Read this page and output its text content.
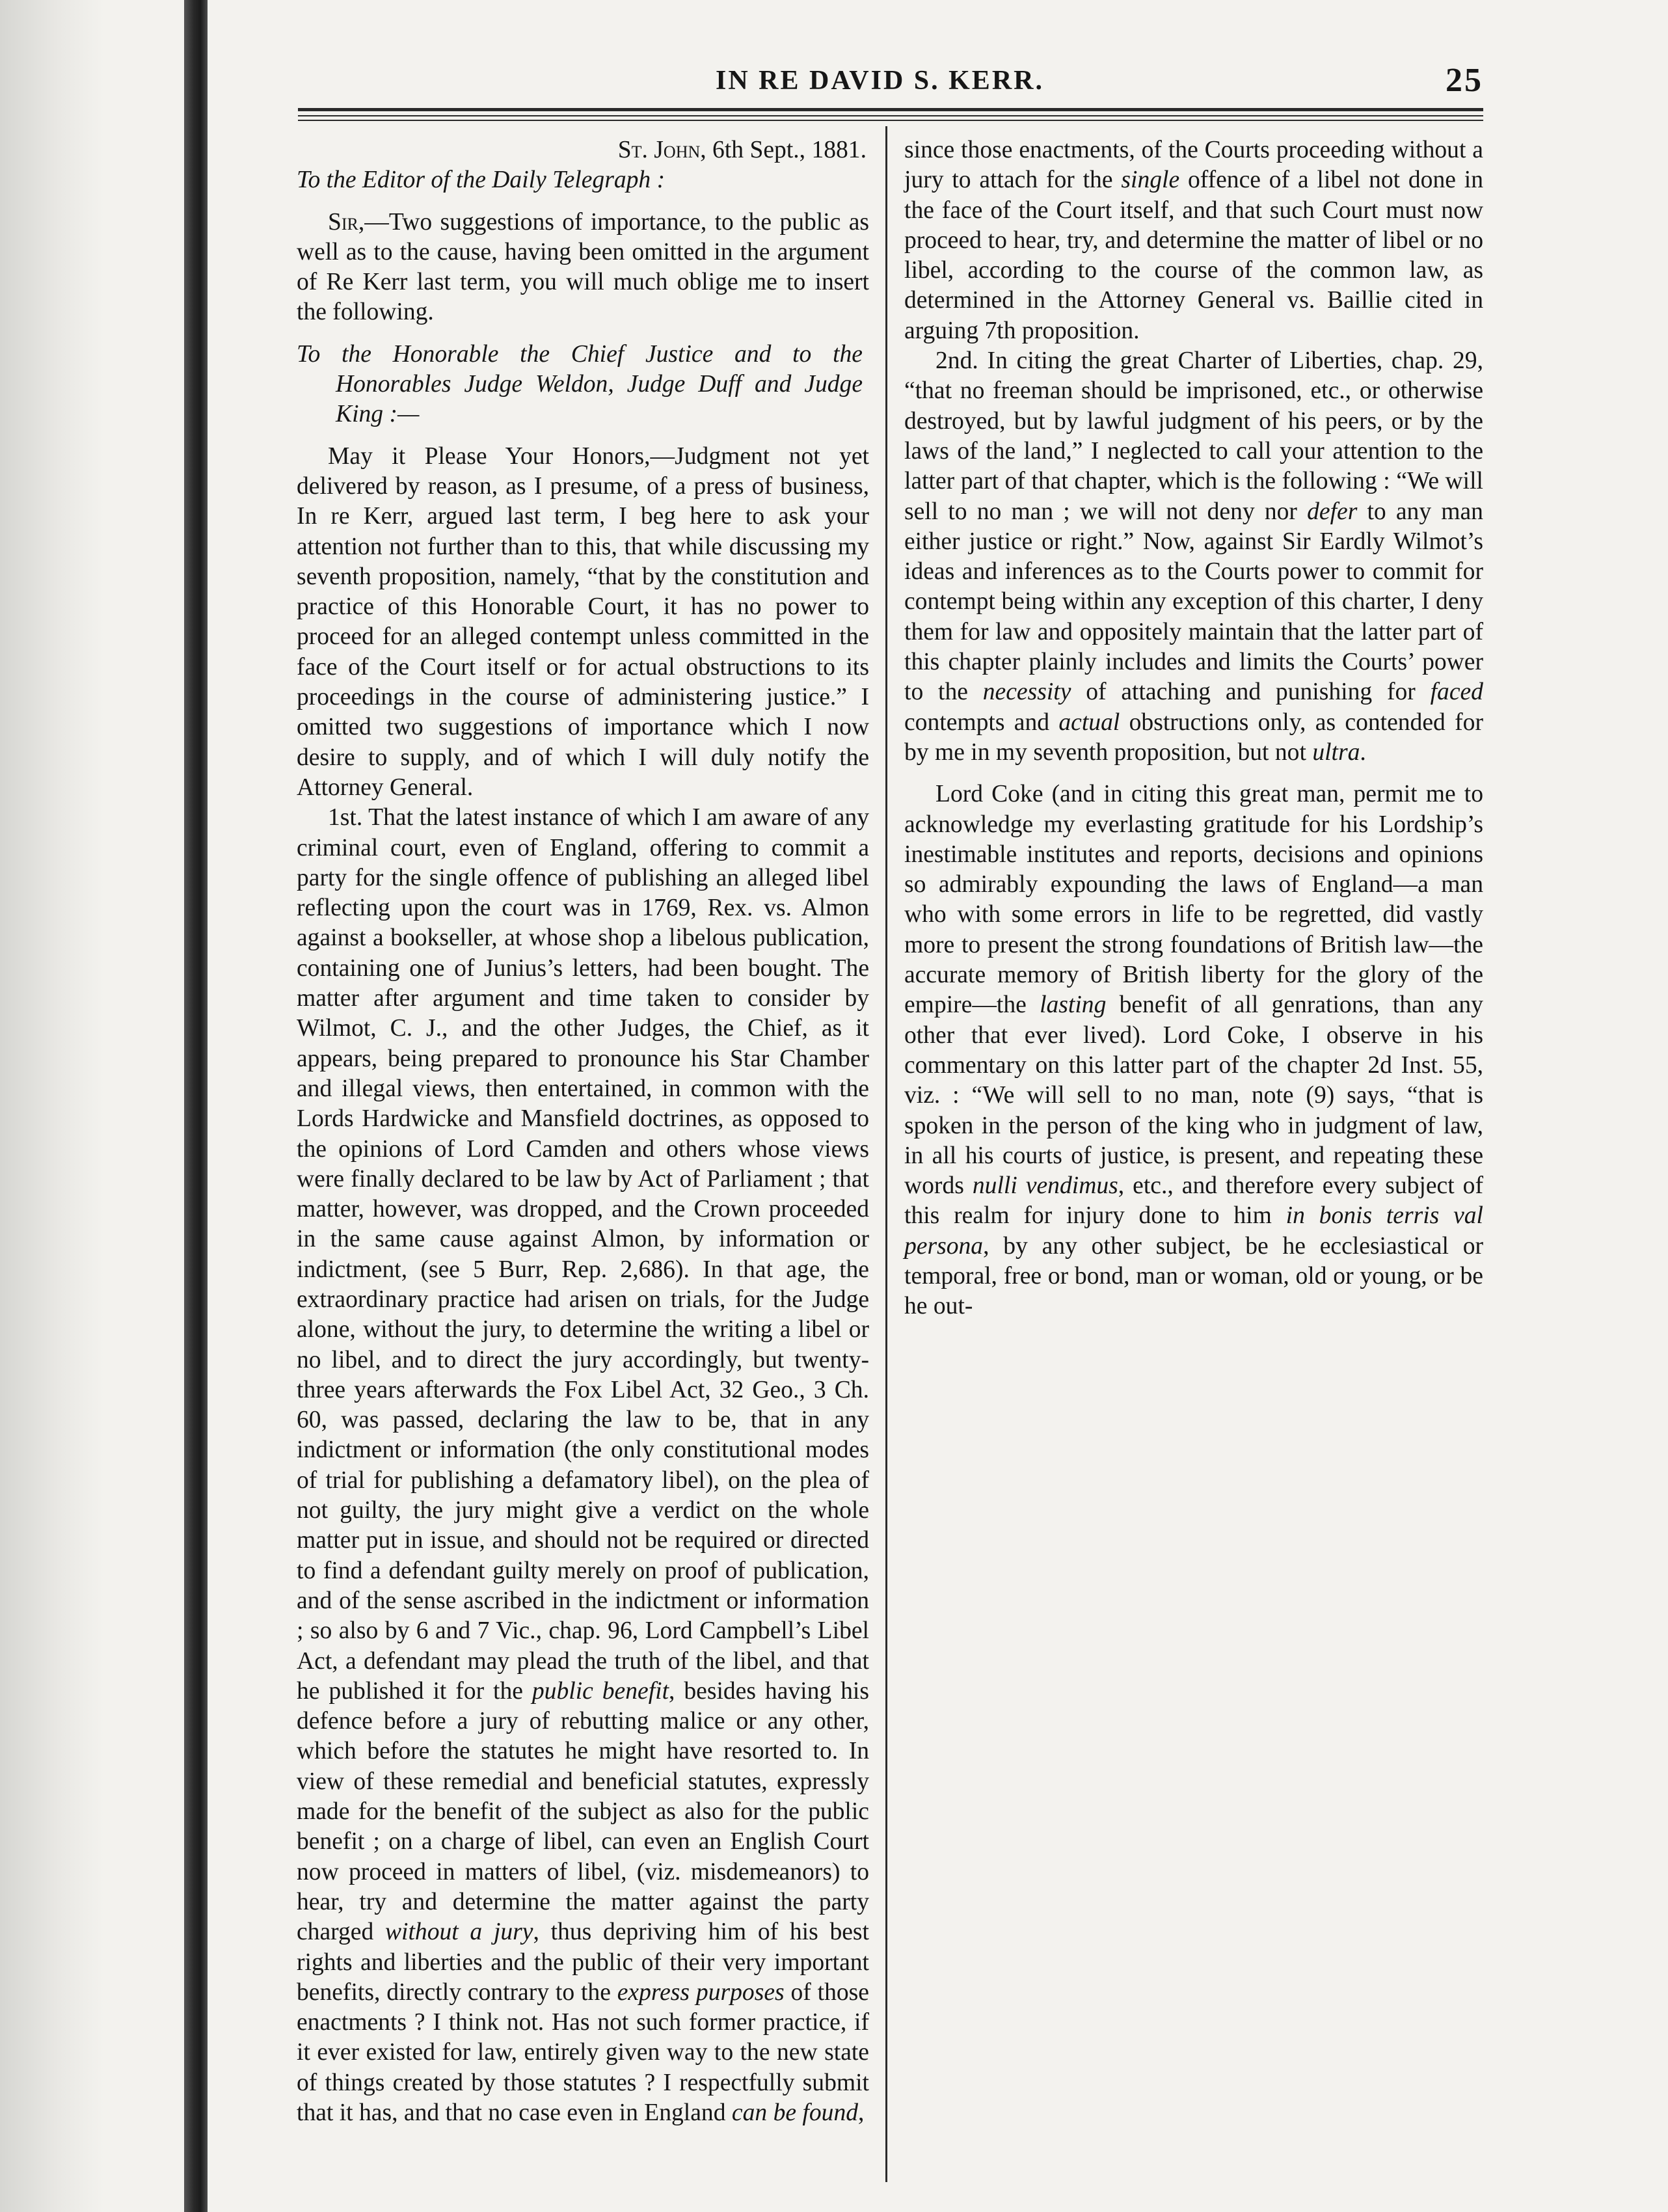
IN RE DAVID S. KERR.	25

St. John, 6th Sept., 1881.

To the Editor of the Daily Telegraph :

Sir,—Two suggestions of importance, to the public as well as to the cause, having been omitted in the argument of Re Kerr last term, you will much oblige me to insert the following.

To the Honorable the Chief Justice and to the Honorables Judge Weldon, Judge Duff and Judge King :—

May it Please Your Honors,—Judgment not yet delivered by reason, as I presume, of a press of business, In re Kerr, argued last term, I beg here to ask your attention not further than to this, that while discussing my seventh proposition, namely, “that by the constitution and practice of this Honorable Court, it has no power to proceed for an alleged contempt unless committed in the face of the Court itself or for actual obstructions to its proceedings in the course of administering justice.” I omitted two suggestions of importance which I now desire to supply, and of which I will duly notify the Attorney General.

1st. That the latest instance of which I am aware of any criminal court, even of England, offering to commit a party for the single offence of publishing an alleged libel reflecting upon the court was in 1769, Rex. vs. Almon against a bookseller, at whose shop a libelous publication, containing one of Junius’s letters, had been bought. The matter after argument and time taken to consider by Wilmot, C. J., and the other Judges, the Chief, as it appears, being prepared to pronounce his Star Chamber and illegal views, then entertained, in common with the Lords Hardwicke and Mansfield doctrines, as opposed to the opinions of Lord Camden and others whose views were finally declared to be law by Act of Parliament ; that matter, however, was dropped, and the Crown proceeded in the same cause against Almon, by information or indictment, (see 5 Burr, Rep. 2,686). In that age, the extraordinary practice had arisen on trials, for the Judge alone, without the jury, to determine the writing a libel or no libel, and to direct the jury accordingly, but twenty-three years afterwards the Fox Libel Act, 32 Geo., 3 Ch. 60, was passed, declaring the law to be, that in any indictment or information (the only constitutional modes of trial for publishing a defamatory libel), on the plea of not guilty, the jury might give a verdict on the whole matter put in issue, and should not be required or directed to find a defendant guilty merely on proof of publication, and of the sense ascribed in the indictment or information ; so also by 6 and 7 Vic., chap. 96, Lord Campbell’s Libel Act, a defendant may plead the truth of the libel, and that he published it for the public benefit, besides having his defence before a jury of rebutting malice or any other, which before the statutes he might have resorted to. In view of these remedial and beneficial statutes, expressly made for the benefit of the subject as also for the public benefit ; on a charge of libel, can even an English Court now proceed in matters of libel, (viz. misdemeanors) to hear, try and determine the matter against the party charged without a jury, thus depriving him of his best rights and liberties and the public of their very important benefits, directly contrary to the express purposes of those enactments ? I think not. Has not such former practice, if it ever existed for law, entirely given way to the new state of things created by those statutes ? I respectfully submit that it has, and that no case even in England can be found,

since those enactments, of the Courts proceeding without a jury to attach for the single offence of a libel not done in the face of the Court itself, and that such Court must now proceed to hear, try, and determine the matter of libel or no libel, according to the course of the common law, as determined in the Attorney General vs. Baillie cited in arguing 7th proposition.

2nd. In citing the great Charter of Liberties, chap. 29, “that no freeman should be imprisoned, etc., or otherwise destroyed, but by lawful judgment of his peers, or by the laws of the land,” I neglected to call your attention to the latter part of that chapter, which is the following : “We will sell to no man ; we will not deny nor defer to any man either justice or right.” Now, against Sir Eardly Wilmot’s ideas and inferences as to the Courts power to commit for contempt being within any exception of this charter, I deny them for law and oppositely maintain that the latter part of this chapter plainly includes and limits the Courts’ power to the necessity of attaching and punishing for faced contempts and actual obstructions only, as contended for by me in my seventh proposition, but not ultra.

Lord Coke (and in citing this great man, permit me to acknowledge my everlasting gratitude for his Lordship’s inestimable institutes and reports, decisions and opinions so admirably expounding the laws of England—a man who with some errors in life to be regretted, did vastly more to present the strong foundations of British law—the accurate memory of British liberty for the glory of the empire—the lasting benefit of all genrations, than any other that ever lived). Lord Coke, I observe in his commentary on this latter part of the chapter 2d Inst. 55, viz. : “We will sell to no man, note (9) says, “that is spoken in the person of the king who in judgment of law, in all his courts of justice, is present, and repeating these words nulli vendimus, etc., and therefore every subject of this realm for injury done to him in bonis terris val persona, by any other subject, be he ecclesiastical or temporal, free or bond, man or woman, old or young, or be he out-
